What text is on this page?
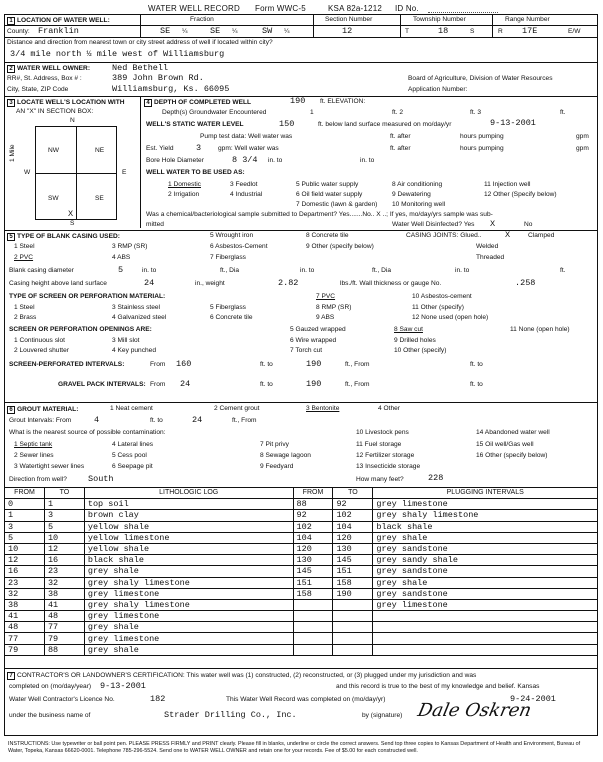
WATER WELL RECORD Form WWC-5	KSA 82a-1212 ID No.
1 LOCATION OF WATER WELL:	Fraction	Section Number	Township Number	Range Number
County: Franklin	SE ¼	SE ¼	SW ¼	12	T	18	S	R 17E	E/W
Distance and direction from nearest town or city street address of well if located within city?
3/4 mile north ½ mile west of Williamsburg
2 WATER WELL OWNER:	Ned Bethell
RR#, St. Address, Box # :	389 John Brown Rd.
City, State, ZIP Code	Williamsburg, Ks. 66095
Board of Agriculture, Division of Water Resources
Application Number:
3 LOCATE WELL'S LOCATION WITH
AN "X" IN SECTION BOX:
N
S
W	E
NW	NE
SW	SE
X
1 Mile
4 DEPTH OF COMPLETED WELL	190 ft. ELEVATION:
Depth(s) Groundwater Encountered	1	ft. 2	ft. 3	ft.
WELL'S STATIC WATER LEVEL	150	ft. below land surface measured on mo/day/yr	9-13-2001
Pump test data: Well water was	ft. after	hours pumping	gpm
Est. Yield	3	gpm: Well water was	ft. after	hours pumping	gpm
Bore Hole Diameter	8 3/4 in. to	in. to
WELL WATER TO BE USED AS:
1 Domestic	3 Feedlot	5 Public water supply	8 Air conditioning	11 Injection well
2 Irrigation	4 Industrial	6 Oil field water supply	9 Dewatering	12 Other (Specify below)
7 Domestic (lawn & garden) 10 Monitoring well
Was a chemical/bacteriological sample submitted to Department? Yes.......No.. X ..; If yes, mo/day/yrs sample was sub-
mitted	Water Well Disinfected? Yes X	No
5 TYPE OF BLANK CASING USED:
1 Steel
2 PVC
3 RMP (SR)
4 ABS
5 Wrought iron
6 Asbestos-Cement
7 Fiberglass
8 Concrete tile
9 Other (specify below)
CASING JOINTS: Glued..	X	Clamped
Welded
Threaded
Blank casing diameter	5	in. to	ft., Dia	in. to	ft., Dia	in. to	ft.
Casing height above land surface	24	in., weight	2.82	lbs./ft. Wall thickness or gauge No.	.258
TYPE OF SCREEN OR PERFORATION MATERIAL:
1 Steel
2 Brass
3 Stainless steel
4 Galvanized steel
5 Fiberglass
6 Concrete tile
7 PVC
8 RMP (SR)
9 ABS
10 Asbestos-cement
11 Other (specify)
12 None used (open hole)
SCREEN OR PERFORATION OPENINGS ARE:
1 Continuous slot
2 Louvered shutter
3 Mill slot
4 Key punched
5 Gauzed wrapped
6 Wire wrapped
7 Torch cut
8 Saw cut
9 Drilled holes
10 Other (specify)
11 None (open hole)
SCREEN-PERFORATED INTERVALS:	From 160	ft. to	190	ft., From	ft. to
GRAVEL PACK INTERVALS: From 24	ft. to	190	ft., From	ft. to
6 GROUT MATERIAL:	1 Neat cement	2 Cement grout	3 Bentonite	4 Other
Grout Intervals: From	4	ft. to	24	ft., From
What is the nearest source of possible contamination:
1 Septic tank
2 Sewer lines
3 Watertight sewer lines
4 Lateral lines
5 Cess pool
6 Seepage pit
7 Pit privy
8 Sewage lagoon
9 Feedyard
10 Livestock pens
11 Fuel storage
12 Fertilizer storage
13 Insecticide storage
14 Abandoned water well
15 Oil well/Gas well
16 Other (specify below)
Direction from well? South	How many feet?	228
FROM	TO	LITHOLOGIC LOG	FROM	TO	PLUGGING INTERVALS
0	1	top soil	88	92	grey limestone
1	3	brown clay	92	102	grey shaly limestone
3	5	yellow shale	102	104	black shale
5	10	yellow limestone	104	120	grey shale
10	12	yellow shale	120	130	grey sandstone
12	16	black shale	130	145	grey sandy shale
16	23	grey shale	145	151	grey sandstone
23	32	grey shaly limestone	151	158	grey shale
32	38	grey limestone	158	190	grey sandstone
38	41	grey shaly limestone			grey limestone
41	48	grey limestone			
48	77	grey shale			
77	79	grey limestone			
79	88	grey shale			
7 CONTRACTOR'S OR LANDOWNER'S CERTIFICATION: This water well was (1) constructed, (2) reconstructed, or (3) plugged under my jurisdiction and was
completed on (mo/day/year) 9-13-2001	and this record is true to the best of my knowledge and belief. Kansas
Water Well Contractor's Licence No.	182	This Water Well Record was completed on (mo/day/yr)	9-24-2001
under the business name of	Strader Drilling Co., Inc.	by (signature) Dale Oskren
INSTRUCTIONS: Use typewriter or ball point pen. PLEASE PRESS FIRMLY and PRINT clearly. Please fill in blanks, underline or circle the correct answers. Send top three copies to Kansas Department of Health and Environment, Bureau of Water, Topeka, Kansas 66620-0001. Telephone 785-296-5524. Send one to WATER WELL OWNER and retain one for your records. Fee of $5.00 for each constructed well.
